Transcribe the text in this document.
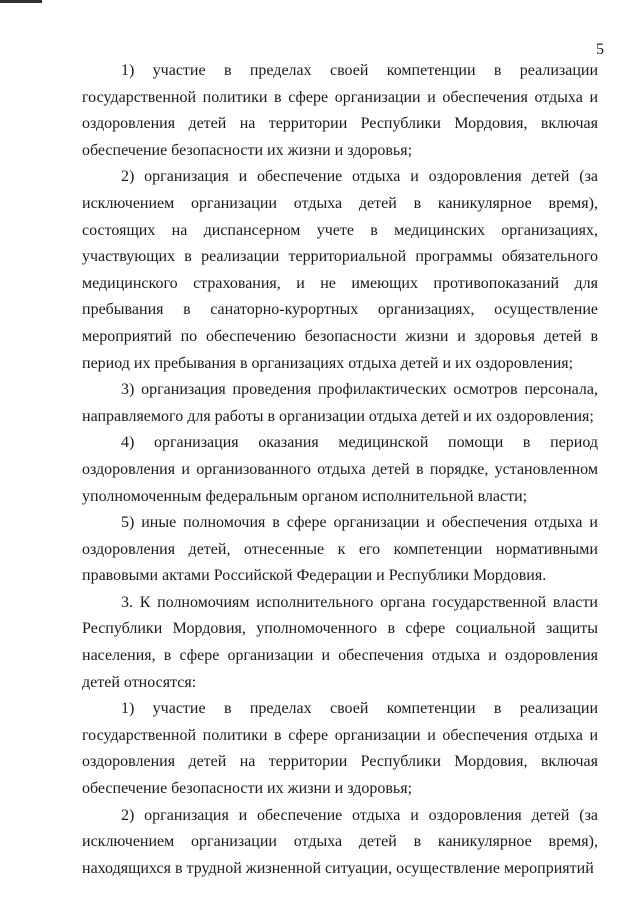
5

1) участие в пределах своей компетенции в реализации государственной политики в сфере организации и обеспечения отдыха и оздоровления детей на территории Республики Мордовия, включая обеспечение безопасности их жизни и здоровья;

2) организация и обеспечение отдыха и оздоровления детей (за исключением организации отдыха детей в каникулярное время), состоящих на диспансерном учете в медицинских организациях, участвующих в реализации территориальной программы обязательного медицинского страхования, и не имеющих противопоказаний для пребывания в санаторно-курортных организациях, осуществление мероприятий по обеспечению безопасности жизни и здоровья детей в период их пребывания в организациях отдыха детей и их оздоровления;

3) организация проведения профилактических осмотров персонала, направляемого для работы в организации отдыха детей и их оздоровления;

4) организация оказания медицинской помощи в период оздоровления и организованного отдыха детей в порядке, установленном уполномоченным федеральным органом исполнительной власти;

5) иные полномочия в сфере организации и обеспечения отдыха и оздоровления детей, отнесенные к его компетенции нормативными правовыми актами Российской Федерации и Республики Мордовия.

3. К полномочиям исполнительного органа государственной власти Республики Мордовия, уполномоченного в сфере социальной защиты населения, в сфере организации и обеспечения отдыха и оздоровления детей относятся:

1) участие в пределах своей компетенции в реализации государственной политики в сфере организации и обеспечения отдыха и оздоровления детей на территории Республики Мордовия, включая обеспечение безопасности их жизни и здоровья;

2) организация и обеспечение отдыха и оздоровления детей (за исключением организации отдыха детей в каникулярное время), находящихся в трудной жизненной ситуации, осуществление мероприятий
